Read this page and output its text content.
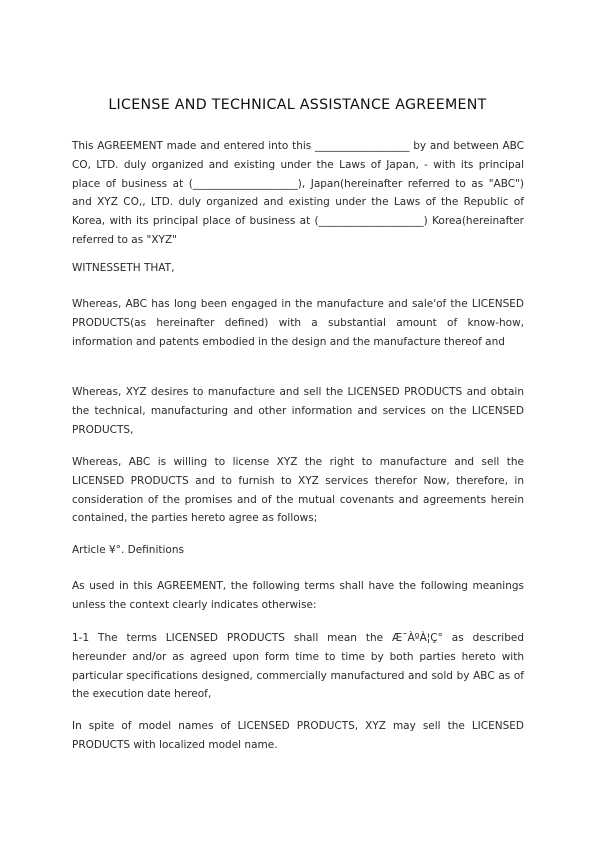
LICENSE AND TECHNICAL ASSISTANCE AGREEMENT
This AGREEMENT made and entered into this __________________ by and between ABC CO, LTD. duly organized and existing under the Laws of Japan, - with its principal place of business at (____________________), Japan(hereinafter referred to as "ABC") and XYZ CO,, LTD. duly organized and existing under the Laws of the Republic of Korea, with its principal place of business at (____________________) Korea(hereinafter referred to as "XYZ"
WITNESSETH THAT,
Whereas, ABC has long been engaged in the manufacture and sale'of the LICENSED PRODUCTS(as hereinafter defined) with a substantial amount of know-how, information and patents embodied in the design and the manufacture thereof and
Whereas, XYZ desires to manufacture and sell the LICENSED PRODUCTS and obtain the technical, manufacturing and other information and services on the LICENSED PRODUCTS,
Whereas, ABC is willing to license XYZ the right to manufacture and sell the LICENSED PRODUCTS and to furnish to XYZ services therefor Now, therefore, in consideration of the promises and of the mutual covenants and agreements herein contained, the parties hereto agree as follows;
Article ¥°. Definitions
As used in this AGREEMENT, the following terms shall have the following meanings unless the context clearly indicates otherwise:
1-1 The terms LICENSED PRODUCTS shall mean the Æ¯ÀºÀ¦Ç° as described hereunder and/or as agreed upon form time to time by both parties hereto with particular specifications designed, commercially manufactured and sold by ABC as of the execution date hereof,
In spite of model names of LICENSED PRODUCTS, XYZ may sell the LICENSED PRODUCTS with localized model name.
